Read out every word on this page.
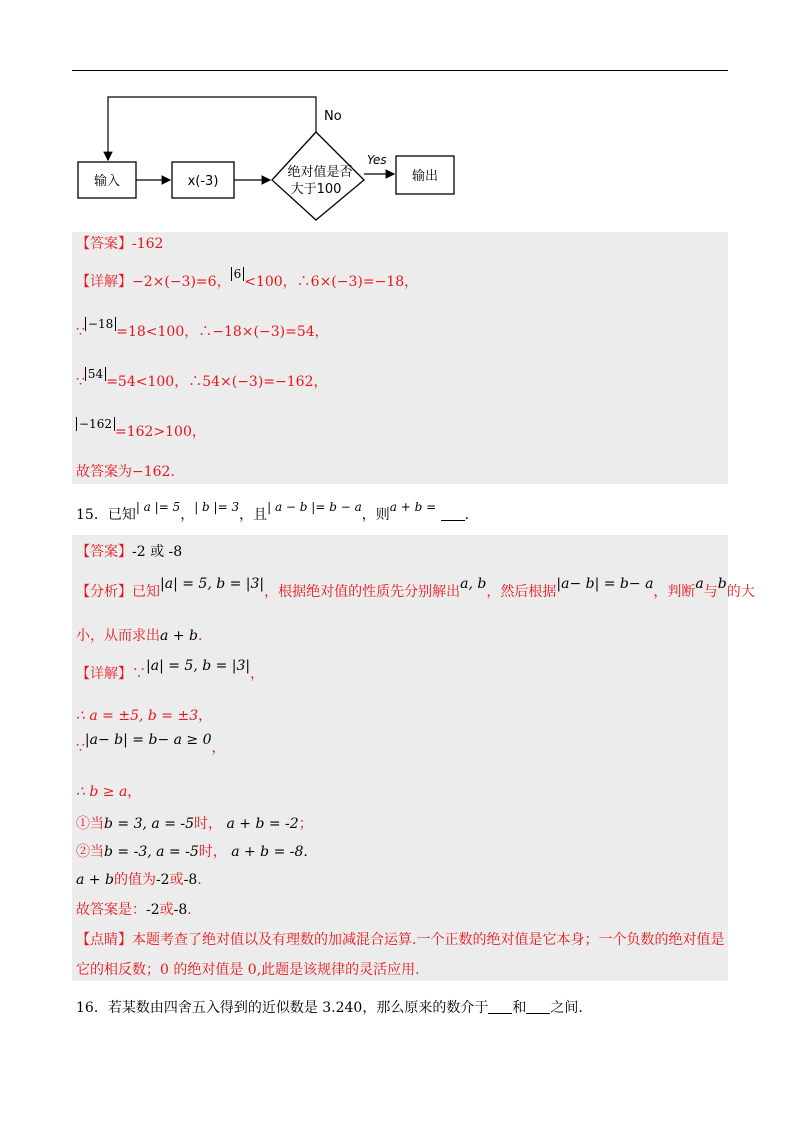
输入	x(-3)
绝对值是否
大于100
No
Yes
输出
【答案】-162
【详解】−2×(−3)=6， 6 <100，∴6×(−3)=−18，
∵ −18 =18<100，∴−18×(−3)=54，
∵ 54 =54<100，∴54×(−3)=−162，
−162 =162>100，
故答案为−162.
15．已知| a |= 5，| b |= 3，且| a − b |= b − a，则a + b = .
【答案】-2 或 -8
【分析】已知|a| = 5, b = |3|，根据绝对值的性质先分别解出a, b，然后根据|a− b| = b− a，判断a与b的大
小，从而求出a + b.
【详解】∵|a| = 5, b = |3|，
∴ a = ±5, b = ±3，
∵|a− b| = b− a ≥ 0，
∴ b ≥ a，
①当b = 3, a = -5时， a + b = -2；
②当b = -3, a = -5时， a + b = -8.
a + b的值为-2或-8.
故答案是：-2或-8.
【点睛】本题考查了绝对值以及有理数的加减混合运算.一个正数的绝对值是它本身；一个负数的绝对值是
它的相反数；0 的绝对值是 0,此题是该规律的灵活应用.
16．若某数由四舍五入得到的近似数是 3.240，那么原来的数介于 和 之间.
